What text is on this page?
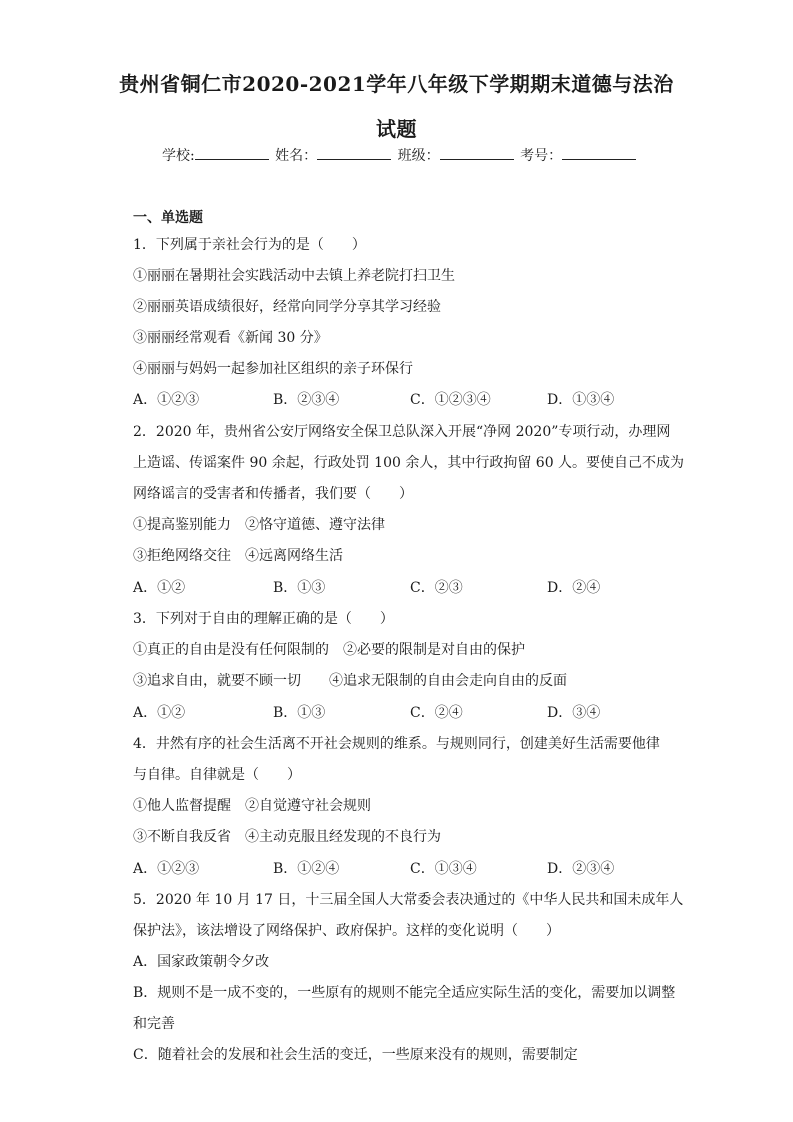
贵州省铜仁市2020-2021学年八年级下学期期末道德与法治
试题
学校:	姓名：	班级：	考号：
一、单选题
1．下列属于亲社会行为的是（　　）
①丽丽在暑期社会实践活动中去镇上养老院打扫卫生
②丽丽英语成绩很好，经常向同学分享其学习经验
③丽丽经常观看《新闻 30 分》
④丽丽与妈妈一起参加社区组织的亲子环保行
A．①②③	B．②③④	C．①②③④	D．①③④
2．2020 年，贵州省公安厅网络安全保卫总队深入开展“净网 2020”专项行动，办理网
上造谣、传谣案件 90 余起，行政处罚 100 余人，其中行政拘留 60 人。要使自己不成为
网络谣言的受害者和传播者，我们要（　　）
①提高鉴别能力　②恪守道德、遵守法律
③拒绝网络交往　④远离网络生活
A．①②	B．①③	C．②③	D．②④
3．下列对于自由的理解正确的是（　　）
①真正的自由是没有任何限制的　②必要的限制是对自由的保护
③追求自由，就要不顾一切　　④追求无限制的自由会走向自由的反面
A．①②	B．①③	C．②④	D．③④
4．井然有序的社会生活离不开社会规则的维系。与规则同行，创建美好生活需要他律
与自律。自律就是（　　）
①他人监督提醒　②自觉遵守社会规则
③不断自我反省　④主动克服且经发现的不良行为
A．①②③	B．①②④	C．①③④	D．②③④
5．2020 年 10 月 17 日，十三届全国人大常委会表决通过的《中华人民共和国未成年人
保护法》，该法增设了网络保护、政府保护。这样的变化说明（　　）
A．国家政策朝令夕改
B．规则不是一成不变的，一些原有的规则不能完全适应实际生活的变化，需要加以调整
和完善
C．随着社会的发展和社会生活的变迁，一些原来没有的规则，需要制定
